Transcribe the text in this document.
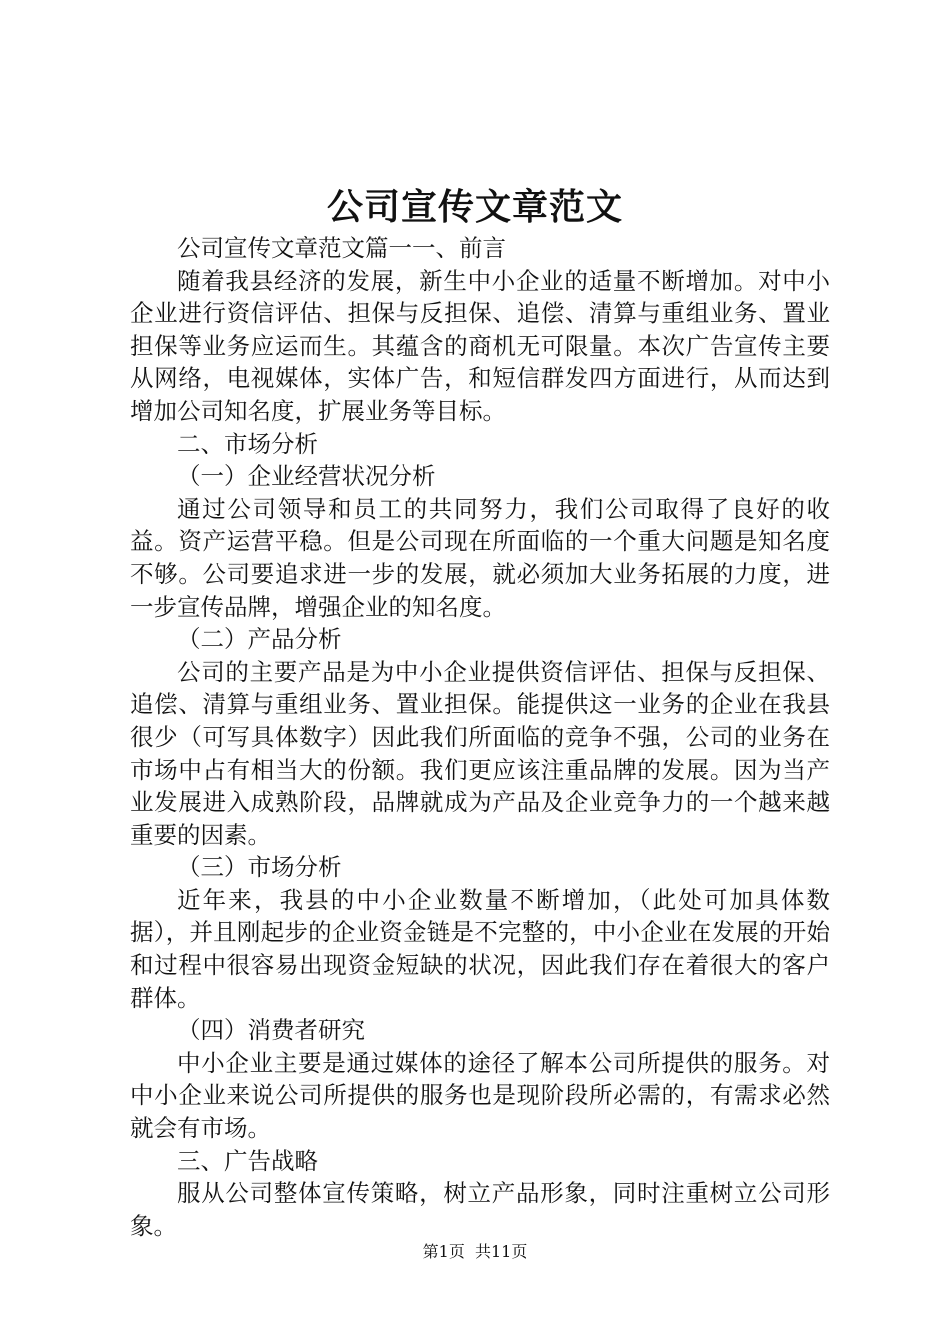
公司宣传文章范文

公司宣传文章范文篇一一、前言

随着我县经济的发展，新生中小企业的适量不断增加。对中小企业进行资信评估、担保与反担保、追偿、清算与重组业务、置业担保等业务应运而生。其蕴含的商机无可限量。本次广告宣传主要从网络，电视媒体，实体广告，和短信群发四方面进行，从而达到增加公司知名度，扩展业务等目标。

二、市场分析

（一）企业经营状况分析

通过公司领导和员工的共同努力，我们公司取得了良好的收益。资产运营平稳。但是公司现在所面临的一个重大问题是知名度不够。公司要追求进一步的发展，就必须加大业务拓展的力度，进一步宣传品牌，增强企业的知名度。

（二）产品分析

公司的主要产品是为中小企业提供资信评估、担保与反担保、追偿、清算与重组业务、置业担保。能提供这一业务的企业在我县很少（可写具体数字）因此我们所面临的竞争不强，公司的业务在市场中占有相当大的份额。我们更应该注重品牌的发展。因为当产业发展进入成熟阶段，品牌就成为产品及企业竞争力的一个越来越重要的因素。

（三）市场分析

近年来，我县的中小企业数量不断增加，（此处可加具体数据），并且刚起步的企业资金链是不完整的，中小企业在发展的开始和过程中很容易出现资金短缺的状况，因此我们存在着很大的客户群体。

（四）消费者研究

中小企业主要是通过媒体的途径了解本公司所提供的服务。对中小企业来说公司所提供的服务也是现阶段所必需的，有需求必然就会有市场。

三、广告战略

服从公司整体宣传策略，树立产品形象，同时注重树立公司形象。

第1页  共11页
